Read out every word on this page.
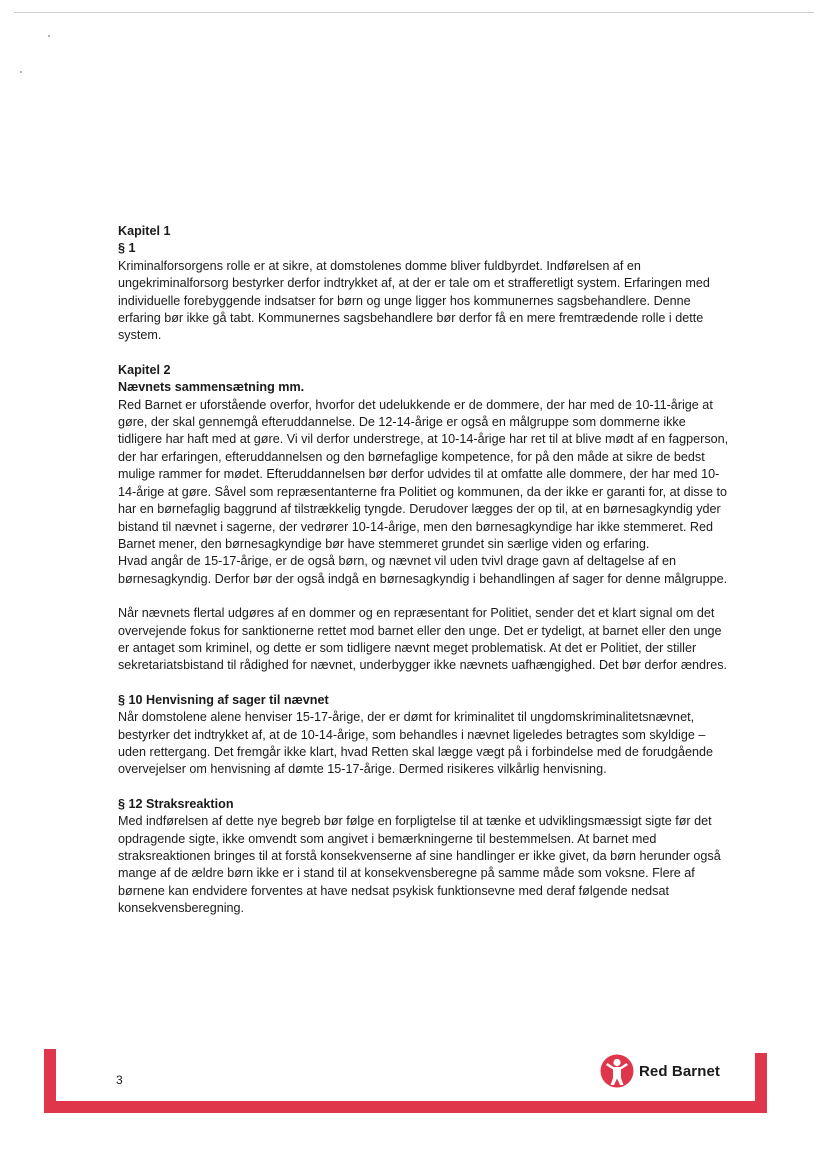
Kapitel 1

§ 1

Kriminalforsorgens rolle er at sikre, at domstolenes domme bliver fuldbyrdet. Indførelsen af en ungekriminalforsorg bestyrker derfor indtrykket af, at der er tale om et strafferetligt system. Erfaringen med individuelle forebyggende indsatser for børn og unge ligger hos kommunernes sagsbehandlere. Denne erfaring bør ikke gå tabt. Kommunernes sagsbehandlere bør derfor få en mere fremtrædende rolle i dette system.

Kapitel 2

Nævnets sammensætning mm.

Red Barnet er uforstående overfor, hvorfor det udelukkende er de dommere, der har med de 10-11-årige at gøre, der skal gennemgå efteruddannelse. De 12-14-årige er også en målgruppe som dommerne ikke tidligere har haft med at gøre. Vi vil derfor understrege, at 10-14-årige har ret til at blive mødt af en fagperson, der har erfaringen, efteruddannelsen og den børnefaglige kompetence, for på den måde at sikre de bedst mulige rammer for mødet. Efteruddannelsen bør derfor udvides til at omfatte alle dommere, der har med 10-14-årige at gøre. Såvel som repræsentanterne fra Politiet og kommunen, da der ikke er garanti for, at disse to har en børnefaglig baggrund af tilstrækkelig tyngde. Derudover lægges der op til, at en børnesagkyndig yder bistand til nævnet i sagerne, der vedrører 10-14-årige, men den børnesagkyndige har ikke stemmeret. Red Barnet mener, den børnesagkyndige bør have stemmeret grundet sin særlige viden og erfaring.

Hvad angår de 15-17-årige, er de også børn, og nævnet vil uden tvivl drage gavn af deltagelse af en børnesagkyndig. Derfor bør der også indgå en børnesagkyndig i behandlingen af sager for denne målgruppe.

Når nævnets flertal udgøres af en dommer og en repræsentant for Politiet, sender det et klart signal om det overvejende fokus for sanktionerne rettet mod barnet eller den unge. Det er tydeligt, at barnet eller den unge er antaget som kriminel, og dette er som tidligere nævnt meget problematisk. At det er Politiet, der stiller sekretariatsbistand til rådighed for nævnet, underbygger ikke nævnets uafhængighed. Det bør derfor ændres.

§ 10 Henvisning af sager til nævnet

Når domstolene alene henviser 15-17-årige, der er dømt for kriminalitet til ungdomskriminalitetsnævnet, bestyrker det indtrykket af, at de 10-14-årige, som behandles i nævnet ligeledes betragtes som skyldige – uden rettergang. Det fremgår ikke klart, hvad Retten skal lægge vægt på i forbindelse med de forudgående overvejelser om henvisning af dømte 15-17-årige. Dermed risikeres vilkårlig henvisning.

§ 12 Straksreaktion

Med indførelsen af dette nye begreb bør følge en forpligtelse til at tænke et udviklingsmæssigt sigte før det opdragende sigte, ikke omvendt som angivet i bemærkningerne til bestemmelsen. At barnet med straksreaktionen bringes til at forstå konsekvenserne af sine handlinger er ikke givet, da børn herunder også mange af de ældre børn ikke er i stand til at konsekvensberegne på samme måde som voksne. Flere af børnene kan endvidere forventes at have nedsat psykisk funktionsevne med deraf følgende nedsat konsekvensberegning.

3
Red Barnet
